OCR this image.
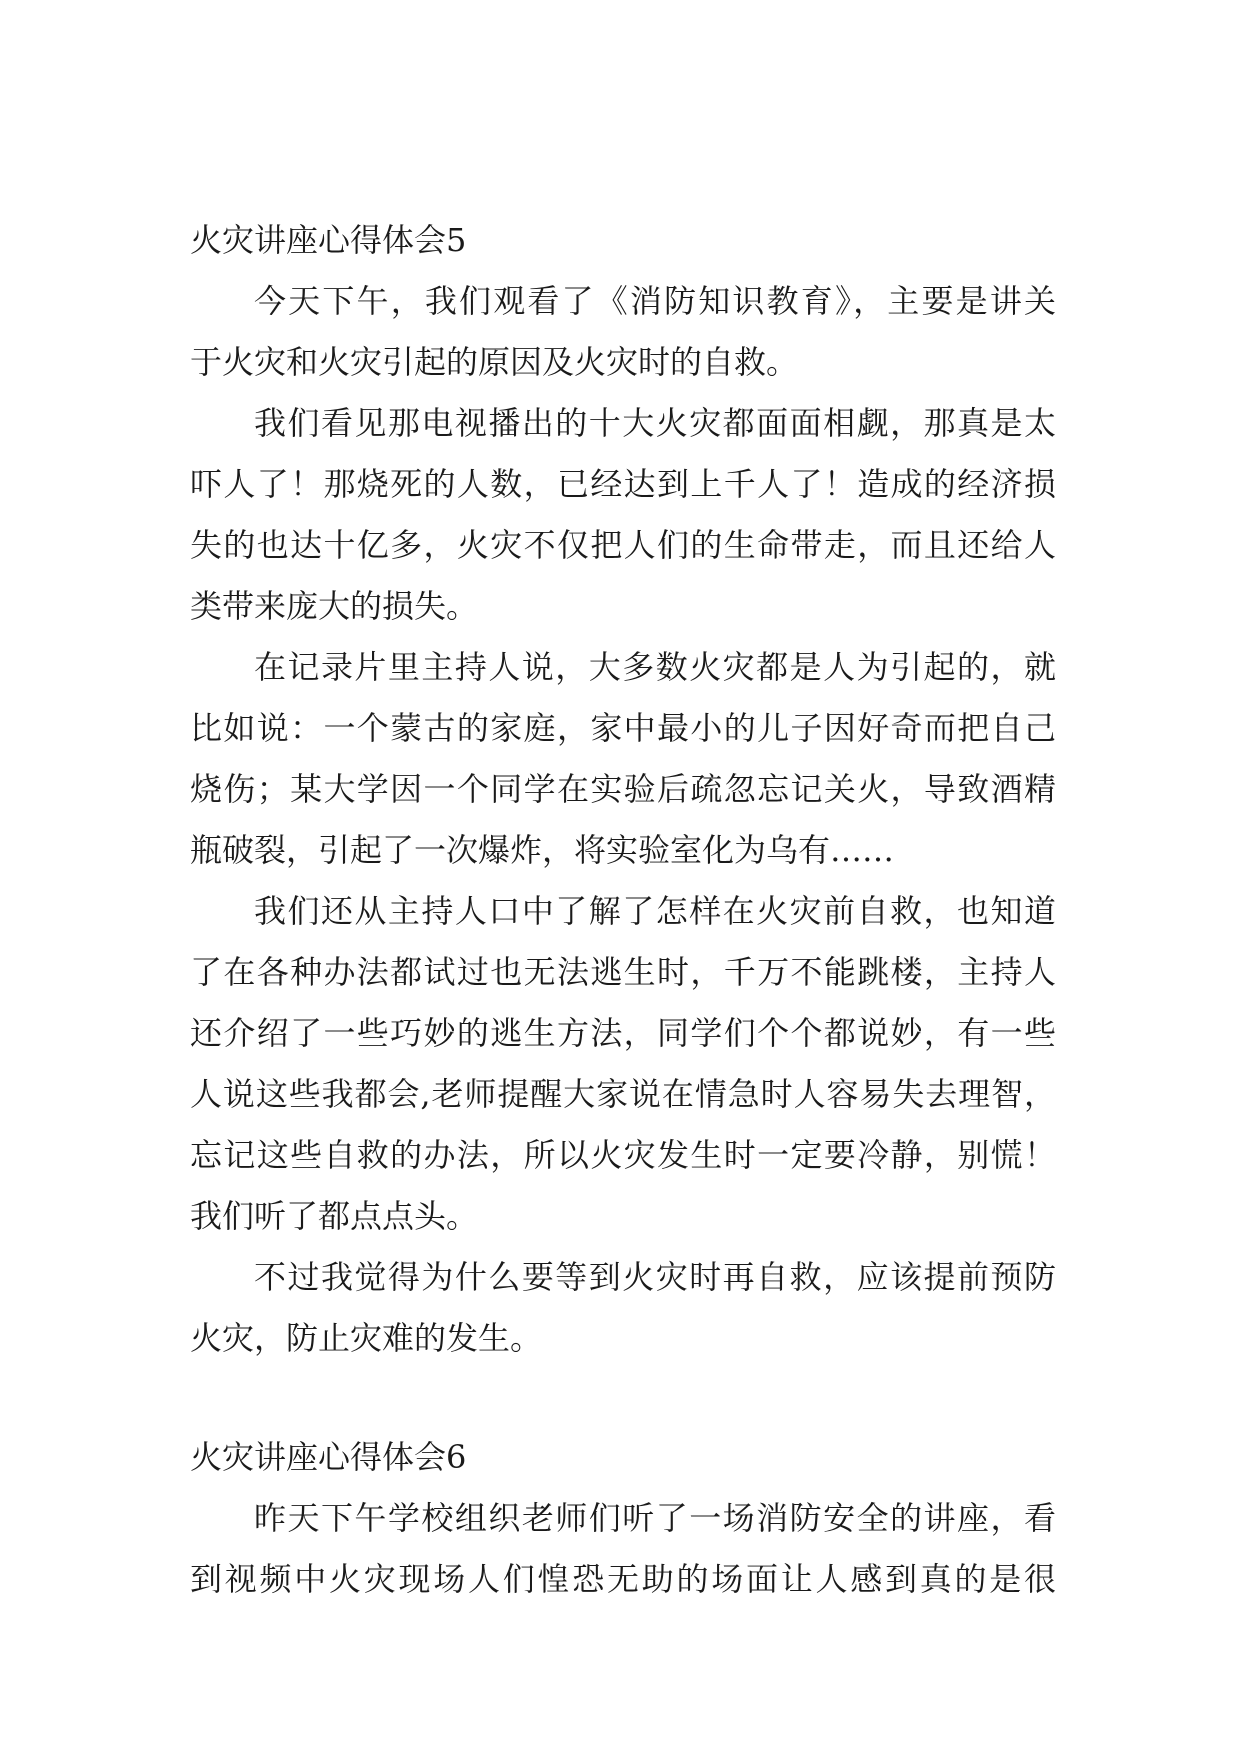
火灾讲座心得体会5
今天下午，我们观看了《消防知识教育》，主要是讲关
于火灾和火灾引起的原因及火灾时的自救。
我们看见那电视播出的十大火灾都面面相觑，那真是太
吓人了！那烧死的人数，已经达到上千人了！造成的经济损
失的也达十亿多，火灾不仅把人们的生命带走，而且还给人
类带来庞大的损失。
在记录片里主持人说，大多数火灾都是人为引起的，就
比如说：一个蒙古的家庭，家中最小的儿子因好奇而把自己
烧伤；某大学因一个同学在实验后疏忽忘记关火，导致酒精
瓶破裂，引起了一次爆炸，将实验室化为乌有……
我们还从主持人口中了解了怎样在火灾前自救，也知道
了在各种办法都试过也无法逃生时，千万不能跳楼，主持人
还介绍了一些巧妙的逃生方法，同学们个个都说妙，有一些
人说这些我都会,老师提醒大家说在情急时人容易失去理智，
忘记这些自救的办法，所以火灾发生时一定要冷静，别慌！
我们听了都点点头。
不过我觉得为什么要等到火灾时再自救，应该提前预防
火灾，防止灾难的发生。
火灾讲座心得体会6
昨天下午学校组织老师们听了一场消防安全的讲座，看
到视频中火灾现场人们惶恐无助的场面让人感到真的是很
